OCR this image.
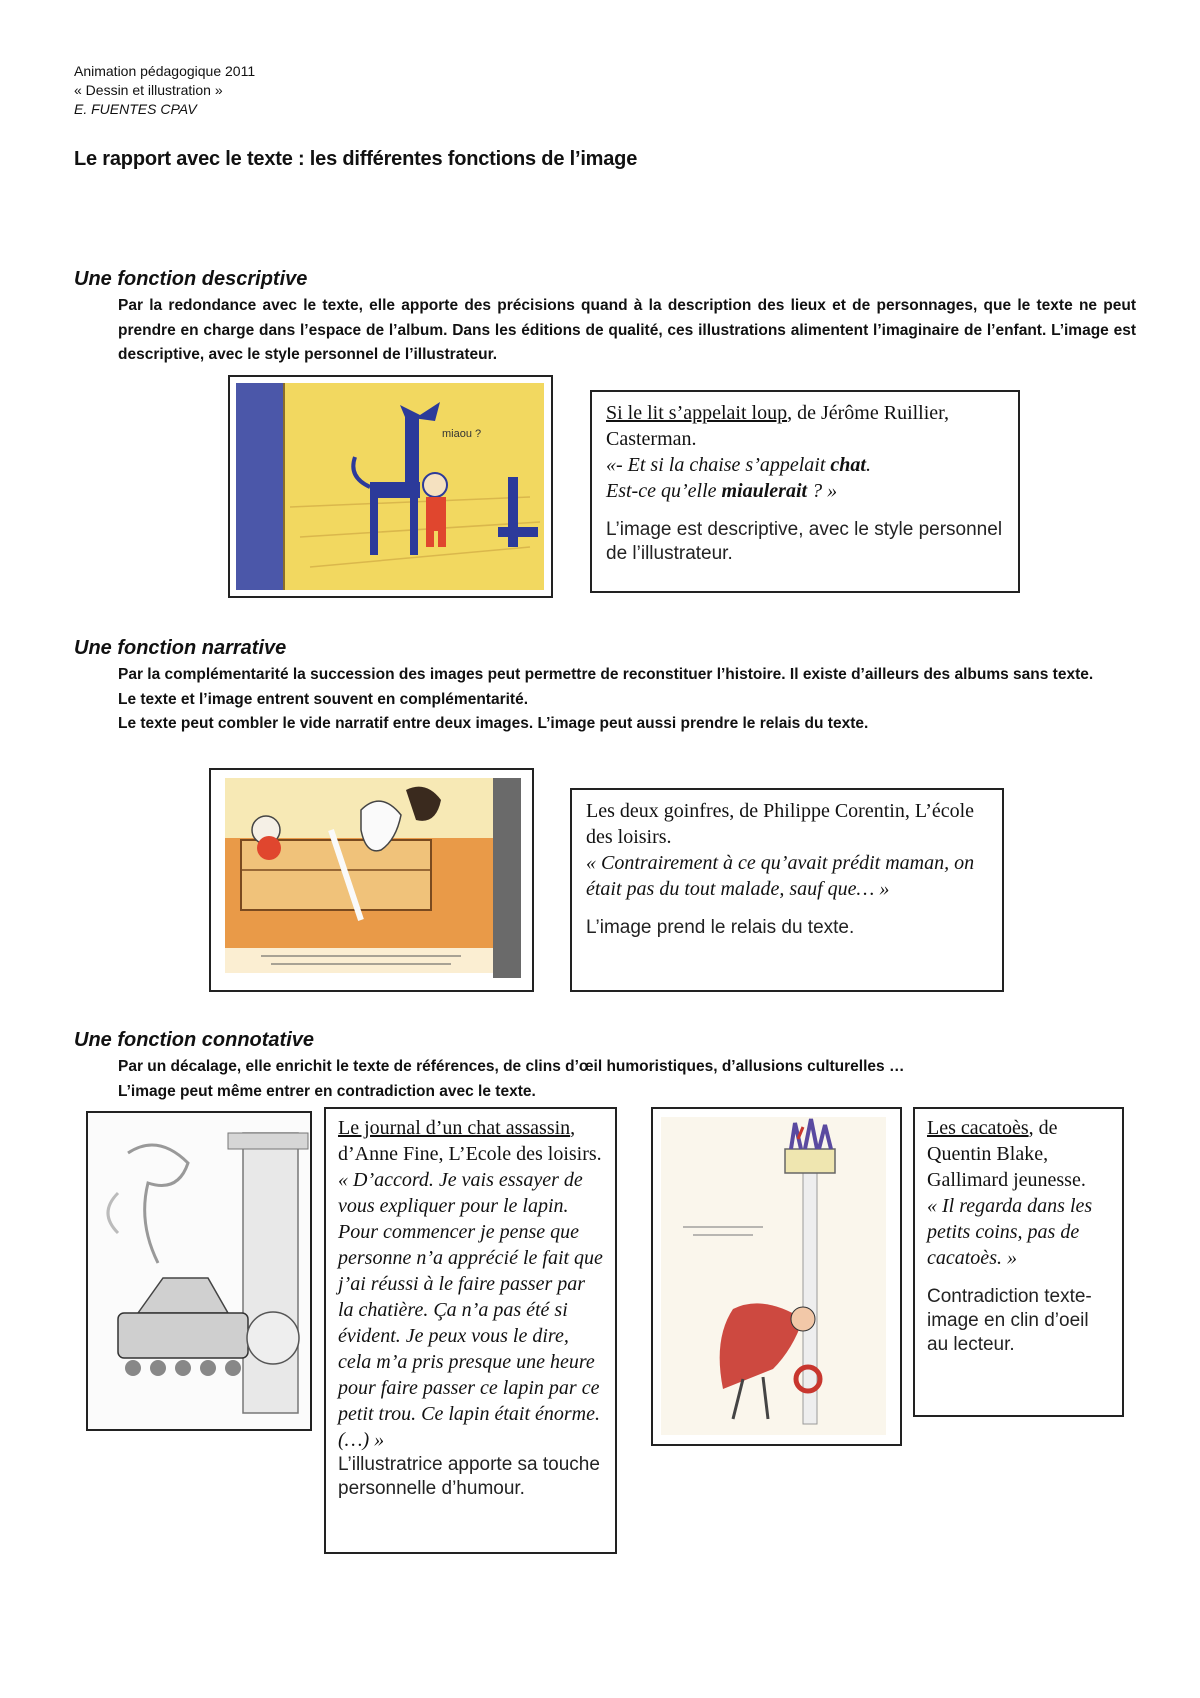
Animation pédagogique 2011
« Dessin et illustration »
E. FUENTES CPAV
Le rapport avec le texte : les différentes fonctions de l’image
Une fonction descriptive
Par la redondance avec le texte, elle apporte des précisions quand à la description des lieux et de personnages, que le texte ne peut prendre en charge dans l’espace de l’album. Dans les éditions de qualité, ces illustrations alimentent l’imaginaire de l’enfant. L’image est descriptive, avec le style personnel de l’illustrateur.
miaou ?
Si le lit s’appelait loup, de Jérôme Ruillier, Casterman.
«- Et si la chaise s’appelait chat.
Est-ce qu’elle miaulerait ? »
L’image est descriptive, avec le style personnel de l’illustrateur.
Une fonction narrative

Par la complémentarité la succession des images peut permettre de reconstituer l’histoire. Il existe d’ailleurs des albums sans texte.

Le texte et l’image entrent souvent en complémentarité.

Le texte peut combler le vide narratif entre deux images. L’image peut aussi prendre le relais du texte.

Les deux goinfres, de Philippe Corentin, L’école des loisirs.
« Contrairement à ce qu’avait prédit maman, on était pas du tout malade, sauf que… »
L’image prend le relais du texte.
Une fonction connotative

Par un décalage, elle enrichit le texte de références, de clins d’œil humoristiques, d’allusions culturelles …

L’image peut même entrer en contradiction avec le texte.

Le journal d’un chat assassin, d’Anne Fine, L’Ecole des loisirs.
« D’accord. Je vais essayer de vous expliquer pour le lapin. Pour commencer je pense que personne n’a apprécié le fait que j’ai réussi à le faire passer par la chatière. Ça n’a pas été si évident. Je peux vous le dire, cela m’a pris presque une heure pour faire passer ce lapin par ce petit trou. Ce lapin était énorme. (…) »
L’illustratrice apporte sa touche personnelle d’humour.
Les cacatoès, de Quentin Blake, Gallimard jeunesse.
« Il regarda dans les petits coins, pas de cacatoès. »
Contradiction texte-image en clin d’oeil au lecteur.
